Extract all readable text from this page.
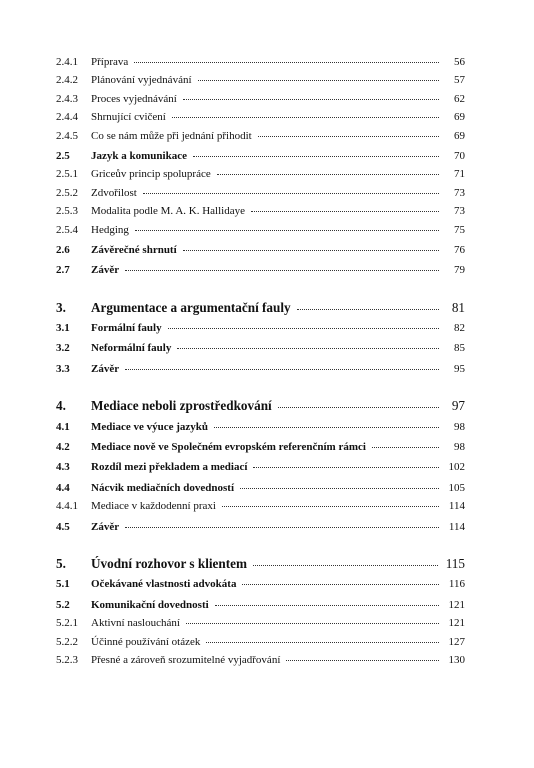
2.4.1	Příprava	56
2.4.2	Plánování vyjednávání	57
2.4.3	Proces vyjednávání	62
2.4.4	Shrnující cvičení	69
2.4.5	Co se nám může při jednání přihodit	69
2.5	Jazyk a komunikace	70
2.5.1	Griceův princip spolupráce	71
2.5.2	Zdvořilost	73
2.5.3	Modalita podle M. A. K. Hallidaye	73
2.5.4	Hedging	75
2.6	Závěrečné shrnutí	76
2.7	Závěr	79
3.	Argumentace a argumentační fauly	81
3.1	Formální fauly	82
3.2	Neformální fauly	85
3.3	Závěr	95
4.	Mediace neboli zprostředkování	97
4.1	Mediace ve výuce jazyků	98
4.2	Mediace nově ve Společném evropském referenčním rámci	98
4.3	Rozdíl mezi překladem a mediací	102
4.4	Nácvik mediačních dovedností	105
4.4.1	Mediace v každodenní praxi	114
4.5	Závěr	114
5.	Úvodní rozhovor s klientem	115
5.1	Očekávané vlastnosti advokáta	116
5.2	Komunikační dovednosti	121
5.2.1	Aktivní naslouchání	121
5.2.2	Účinné používání otázek	127
5.2.3	Přesné a zároveň srozumitelné vyjadřování	130
